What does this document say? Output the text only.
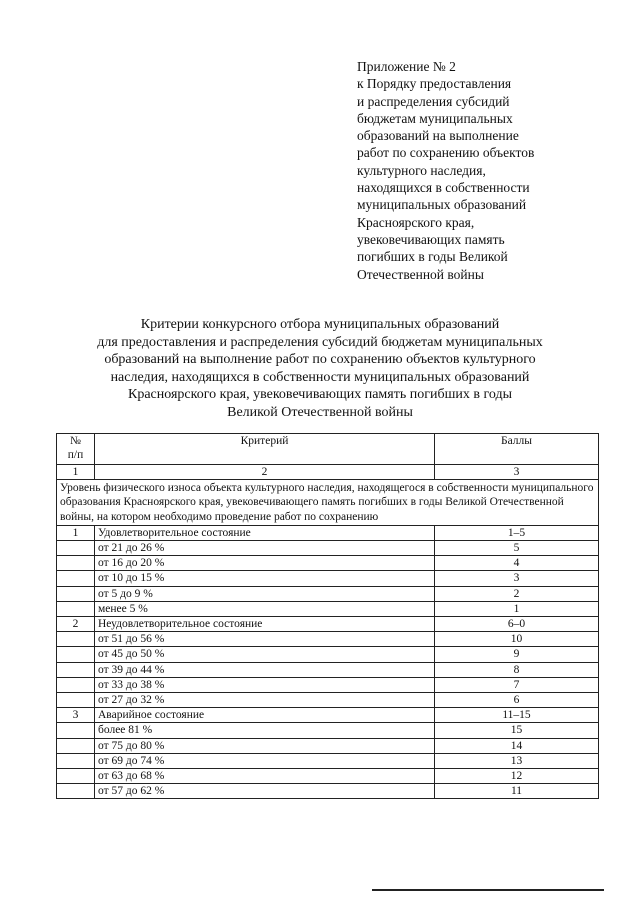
Приложение № 2
к Порядку предоставления
и распределения субсидий
бюджетам муниципальных
образований на выполнение
работ по сохранению объектов
культурного наследия,
находящихся в собственности
муниципальных образований
Красноярского края,
увековечивающих память
погибших в годы Великой
Отечественной войны
Критерии конкурсного отбора муниципальных образований
для предоставления и распределения субсидий бюджетам муниципальных
образований на выполнение работ по сохранению объектов культурного
наследия, находящихся в собственности муниципальных образований
Красноярского края, увековечивающих память погибших в годы
Великой Отечественной войны
№
п/п	Критерий	Баллы
1	2	3
Уровень физического износа объекта культурного наследия, находящегося в собственности муниципального образования Красноярского края, увековечивающего память погибших в годы Великой Отечественной войны, на котором необходимо проведение работ по сохранению		
1	Удовлетворительное состояние	1–5
	от 21 до 26 %	5
	от 16 до 20 %	4
	от 10 до 15 %	3
	от 5 до 9 %	2
	менее 5 %	1
2	Неудовлетворительное состояние	6–0
	от 51 до 56 %	10
	от 45 до 50 %	9
	от 39 до 44 %	8
	от 33 до 38 %	7
	от 27 до 32 %	6
3	Аварийное состояние	11–15
	более 81 %	15
	от 75 до 80 %	14
	от 69 до 74 %	13
	от 63 до 68 %	12
	от 57 до 62 %	11
